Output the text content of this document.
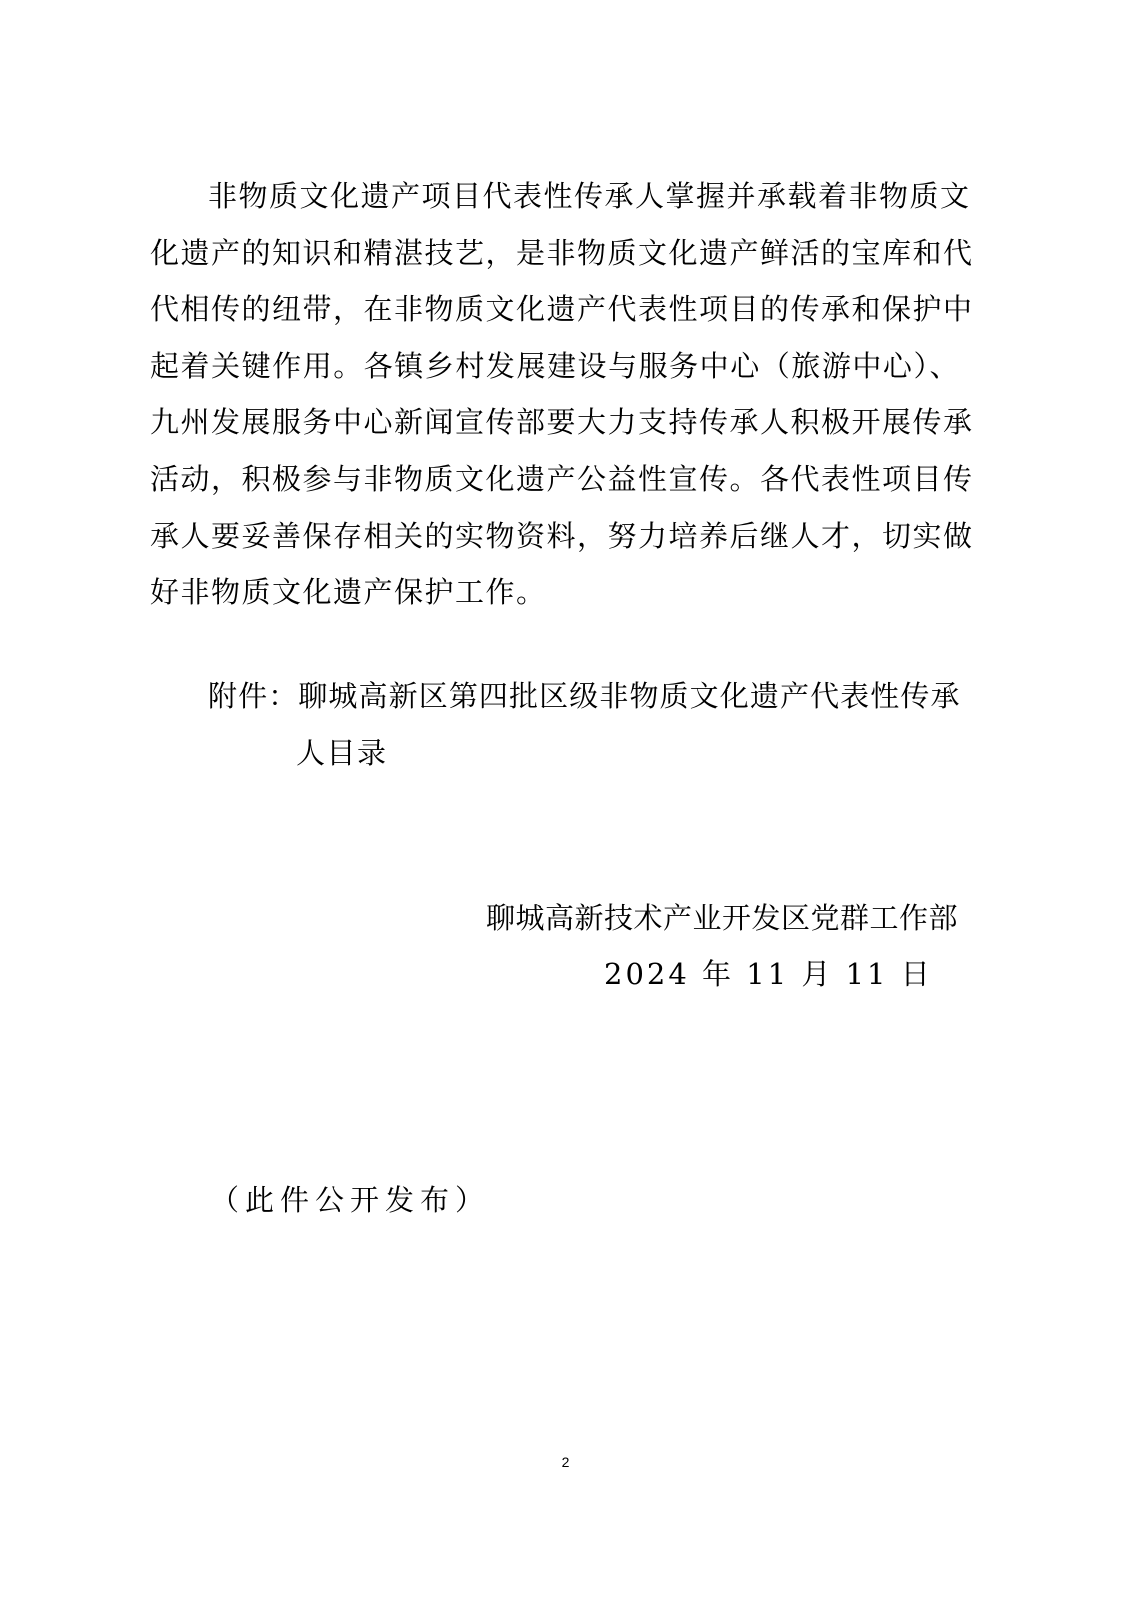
非物质文化遗产项目代表性传承人掌握并承载着非物质文
化遗产的知识和精湛技艺，是非物质文化遗产鲜活的宝库和代
代相传的纽带，在非物质文化遗产代表性项目的传承和保护中
起着关键作用。各镇乡村发展建设与服务中心（旅游中心）、
九州发展服务中心新闻宣传部要大力支持传承人积极开展传承
活动，积极参与非物质文化遗产公益性宣传。各代表性项目传
承人要妥善保存相关的实物资料，努力培养后继人才，切实做
好非物质文化遗产保护工作。
附件：聊城高新区第四批区级非物质文化遗产代表性传承
人目录
聊城高新技术产业开发区党群工作部
2024 年 11 月 11 日
（此件公开发布）
2
